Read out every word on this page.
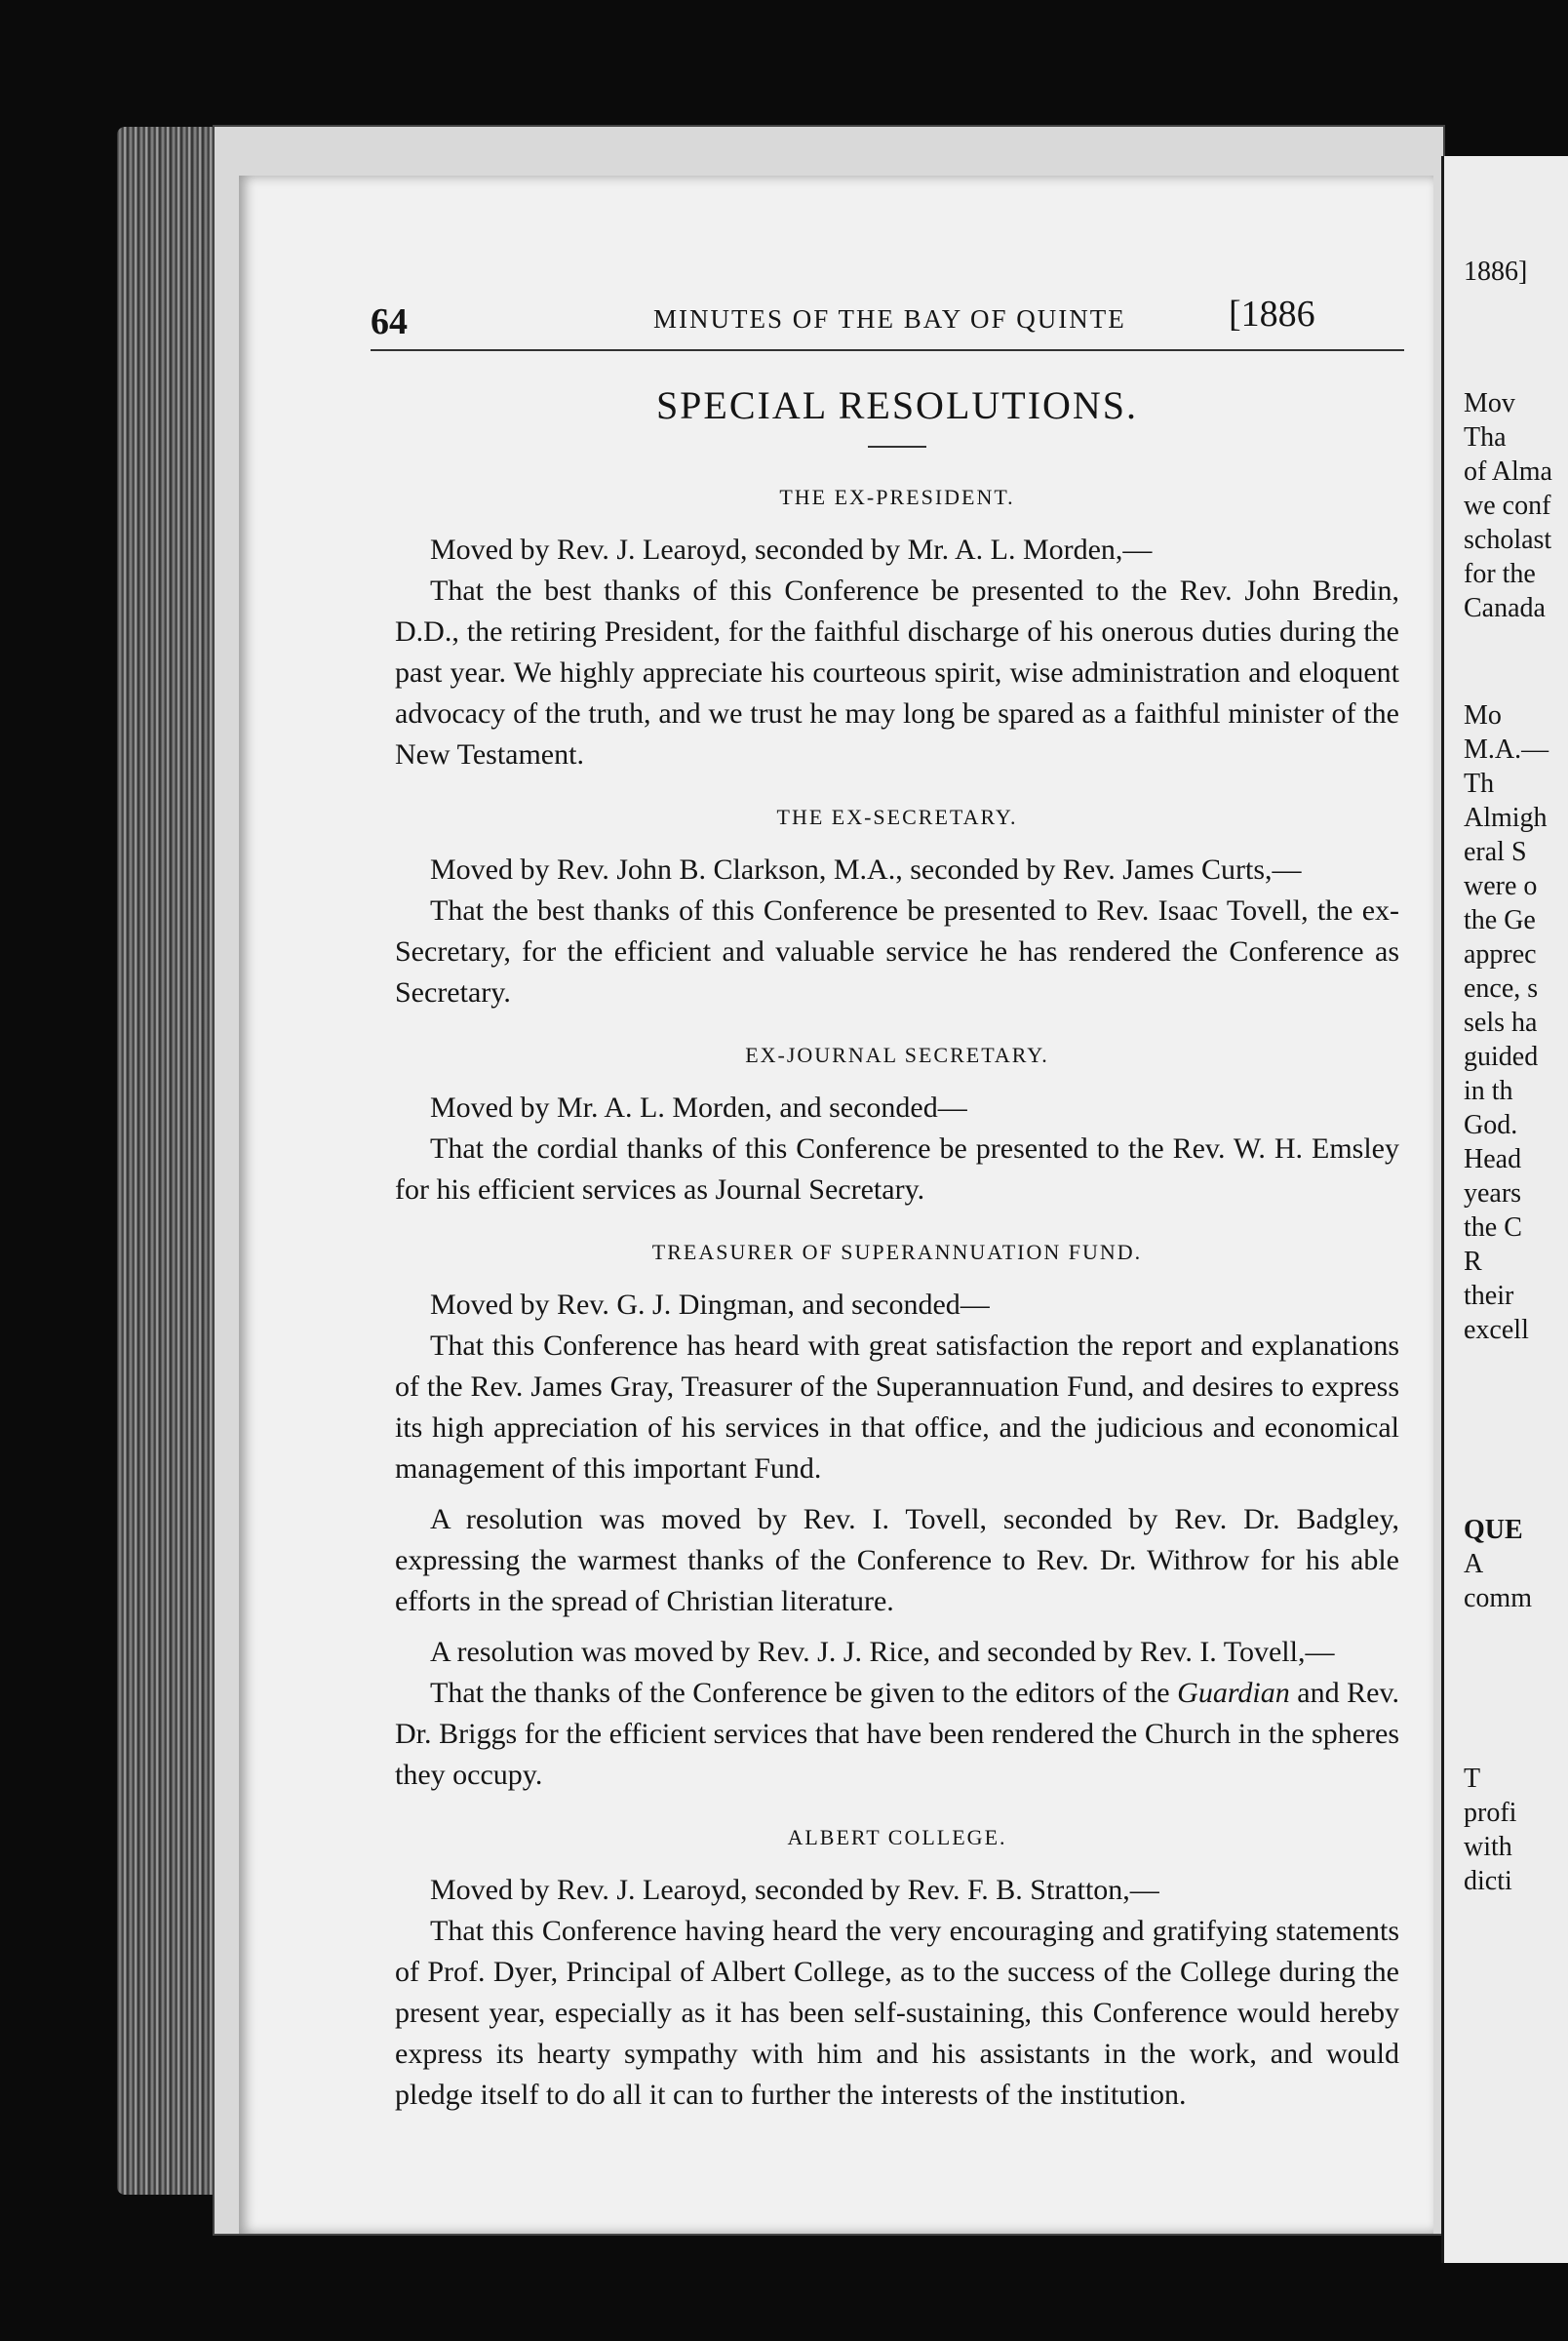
64	MINUTES OF THE BAY OF QUINTE	[1886
SPECIAL RESOLUTIONS.
THE EX-PRESIDENT.

Moved by Rev. J. Learoyd, seconded by Mr. A. L. Morden,—

That the best thanks of this Conference be presented to the Rev. John Bredin, D.D., the retiring President, for the faithful discharge of his onerous duties during the past year. We highly appreciate his courteous spirit, wise administration and eloquent advocacy of the truth, and we trust he may long be spared as a faithful minister of the New Testament.

THE EX-SECRETARY.

Moved by Rev. John B. Clarkson, M.A., seconded by Rev. James Curts,—

That the best thanks of this Conference be presented to Rev. Isaac Tovell, the ex-Secretary, for the efficient and valuable service he has rendered the Conference as Secretary.

EX-JOURNAL SECRETARY.

Moved by Mr. A. L. Morden, and seconded—

That the cordial thanks of this Conference be presented to the Rev. W. H. Emsley for his efficient services as Journal Secretary.

TREASURER OF SUPERANNUATION FUND.

Moved by Rev. G. J. Dingman, and seconded—

That this Conference has heard with great satisfaction the report and explanations of the Rev. James Gray, Treasurer of the Superannuation Fund, and desires to express its high appreciation of his services in that office, and the judicious and economical management of this important Fund.

A resolution was moved by Rev. I. Tovell, seconded by Rev. Dr. Badgley, expressing the warmest thanks of the Conference to Rev. Dr. Withrow for his able efforts in the spread of Christian literature.

A resolution was moved by Rev. J. J. Rice, and seconded by Rev. I. Tovell,—

That the thanks of the Conference be given to the editors of the Guardian and Rev. Dr. Briggs for the efficient services that have been rendered the Church in the spheres they occupy.

ALBERT COLLEGE.

Moved by Rev. J. Learoyd, seconded by Rev. F. B. Stratton,—

That this Conference having heard the very encouraging and gratifying statements of Prof. Dyer, Principal of Albert College, as to the success of the College during the present year, especially as it has been self-sustaining, this Conference would hereby express its hearty sympathy with him and his assistants in the work, and would pledge itself to do all it can to further the interests of the institution.

1886]
Mov
Tha
of Alma
we conf
scholast
for the
Canada
Mo
M.A.—
Th
Almigh
eral S
were o
the Ge
apprec
ence, s
sels ha
guided
in th
God.
Head
years
the C
R
their
excell
QUE
A
comm
T
profi
with
dicti
